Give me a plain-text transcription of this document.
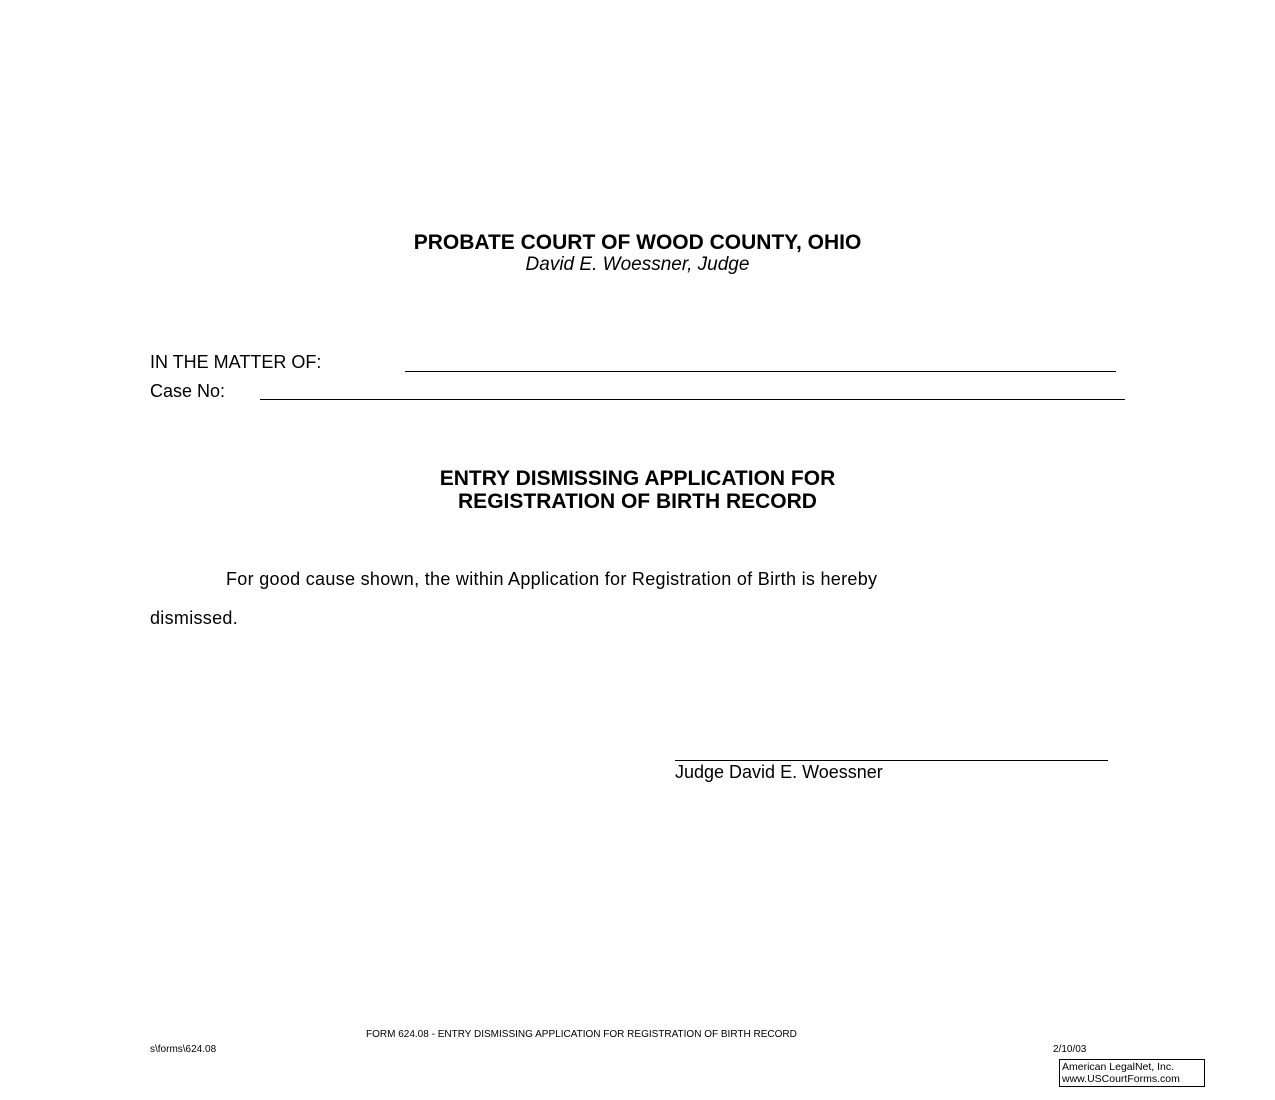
PROBATE COURT OF WOOD COUNTY, OHIO
David E. Woessner, Judge
IN THE MATTER OF:
Case No:
ENTRY DISMISSING APPLICATION FOR
REGISTRATION OF BIRTH RECORD
For good cause shown, the within Application for Registration of Birth is hereby
dismissed.
Judge David E. Woessner
FORM 624.08 - ENTRY DISMISSING APPLICATION FOR REGISTRATION OF BIRTH RECORD
s\forms\624.08	2/10/03
American LegalNet, Inc.
www.USCourtForms.com
